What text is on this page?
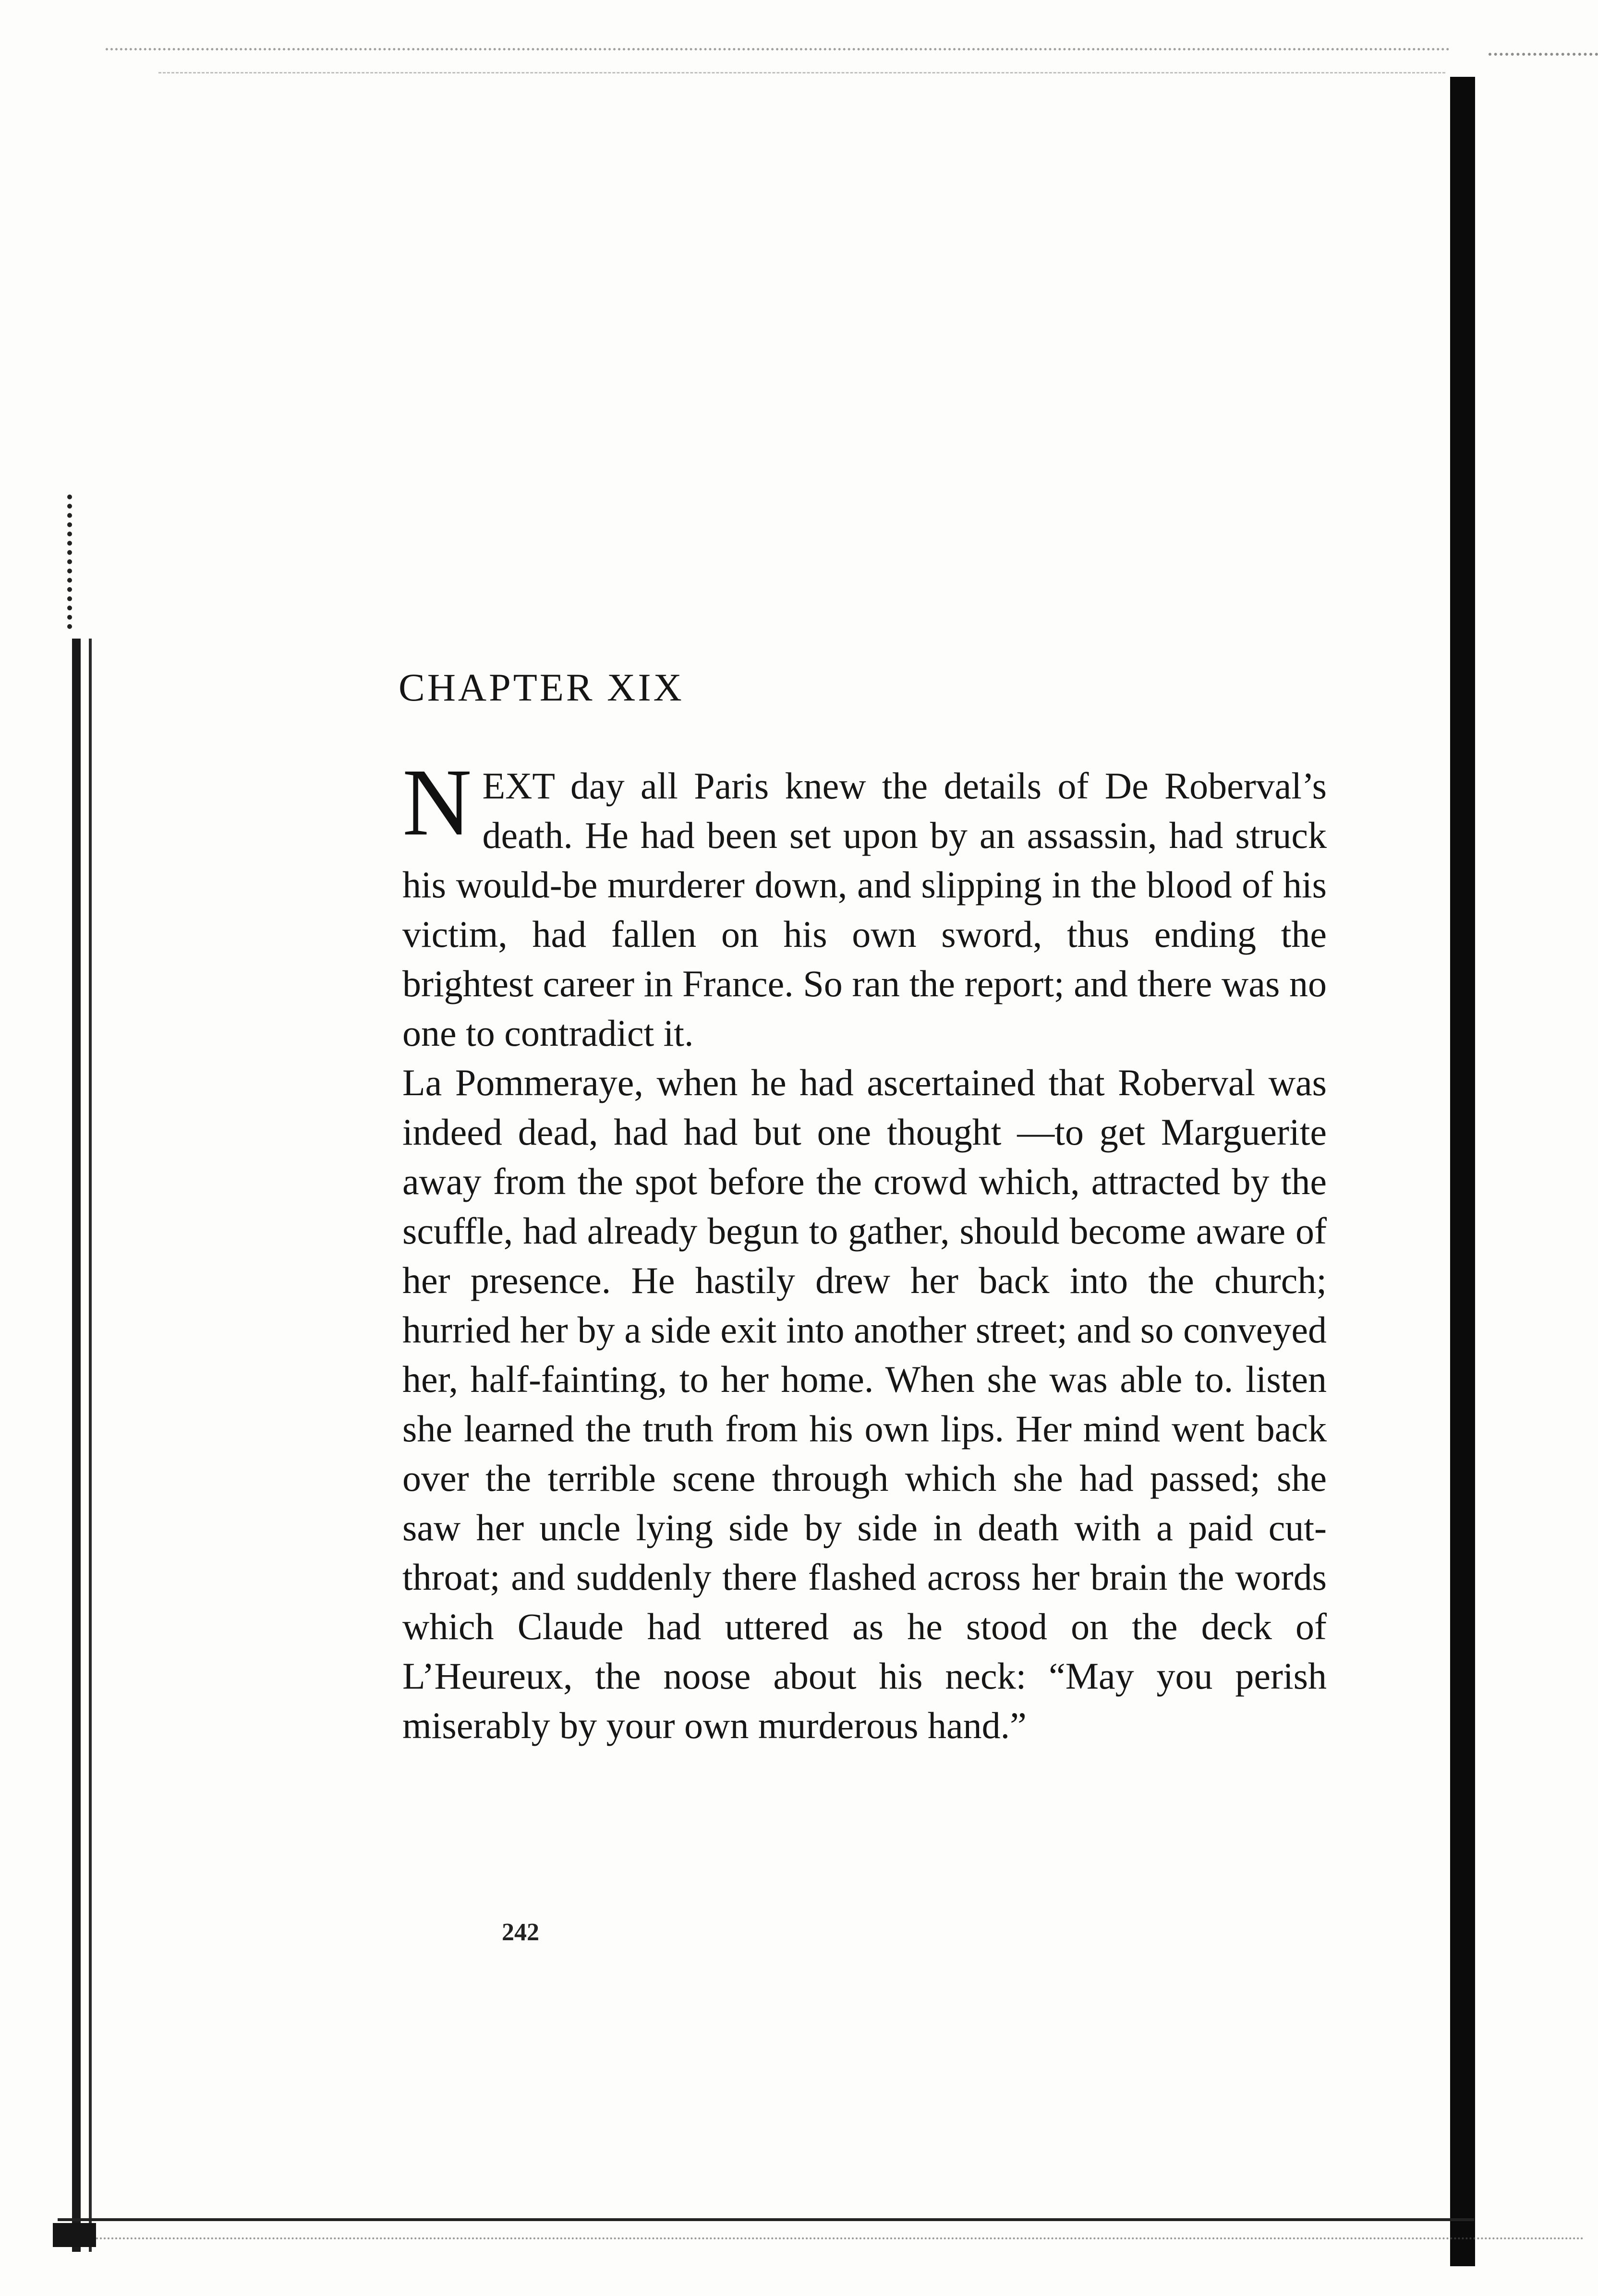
CHAPTER XIX

NEXT day all Paris knew the details of De Roberval’s death. He had been set upon by an assassin, had struck his would-be murderer down, and slipping in the blood of his victim, had fallen on his own sword, thus ending the brightest career in France. So ran the report; and there was no one to contradict it.

La Pommeraye, when he had ascertained that Roberval was indeed dead, had had but one thought —to get Marguerite away from the spot before the crowd which, attracted by the scuffle, had already begun to gather, should become aware of her presence. He hastily drew her back into the church; hurried her by a side exit into another street; and so conveyed her, half-fainting, to her home. When she was able to. listen she learned the truth from his own lips. Her mind went back over the terrible scene through which she had passed; she saw her uncle lying side by side in death with a paid cut-throat; and suddenly there flashed across her brain the words which Claude had uttered as he stood on the deck of L’Heureux, the noose about his neck: “May you perish miserably by your own murderous hand.”

242
